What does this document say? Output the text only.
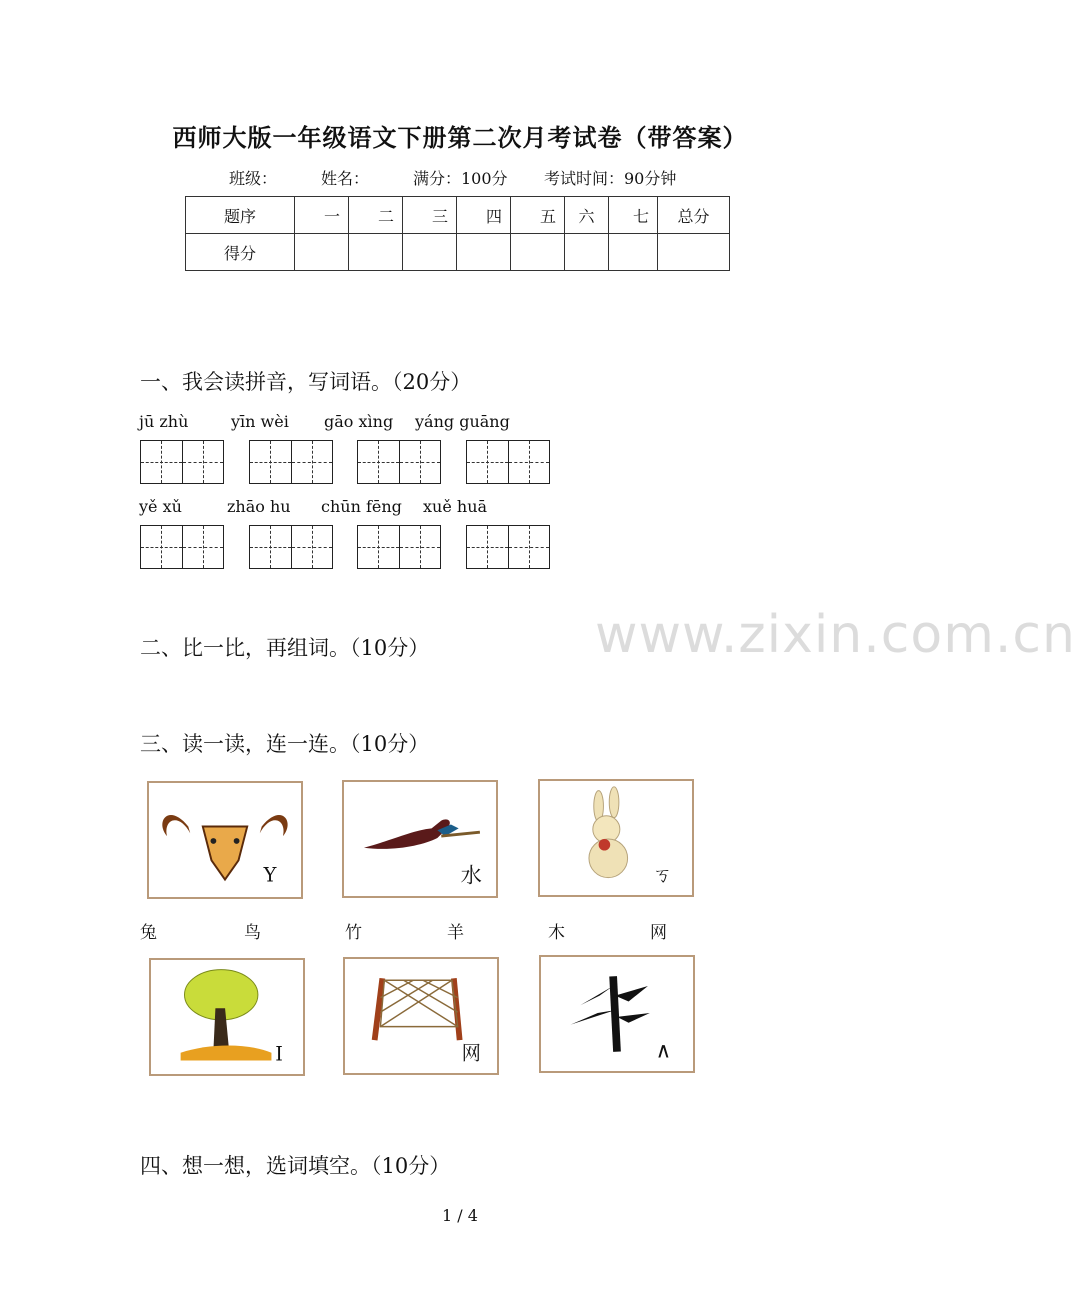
西师大版一年级语文下册第二次月考试卷（带答案）
班级：	姓名：	满分：100分 考试时间：90分钟
题序	一	二	三	四	五	六	七	总分
得分								
一、我会读拼音，写词语。（20分）
jū zhù	yīn wèi gāo xìng yáng guāng
yě xǔ	zhāo hu chūn fēng xuě huā
www.zixin.com.cn
二、比一比，再组词。（10分）
三、读一读，连一连。（10分）
Y	水	ㄎ
兔	鸟	竹	羊	木	网
I	网	∧
四、想一想，选词填空。（10分）
1 / 4
